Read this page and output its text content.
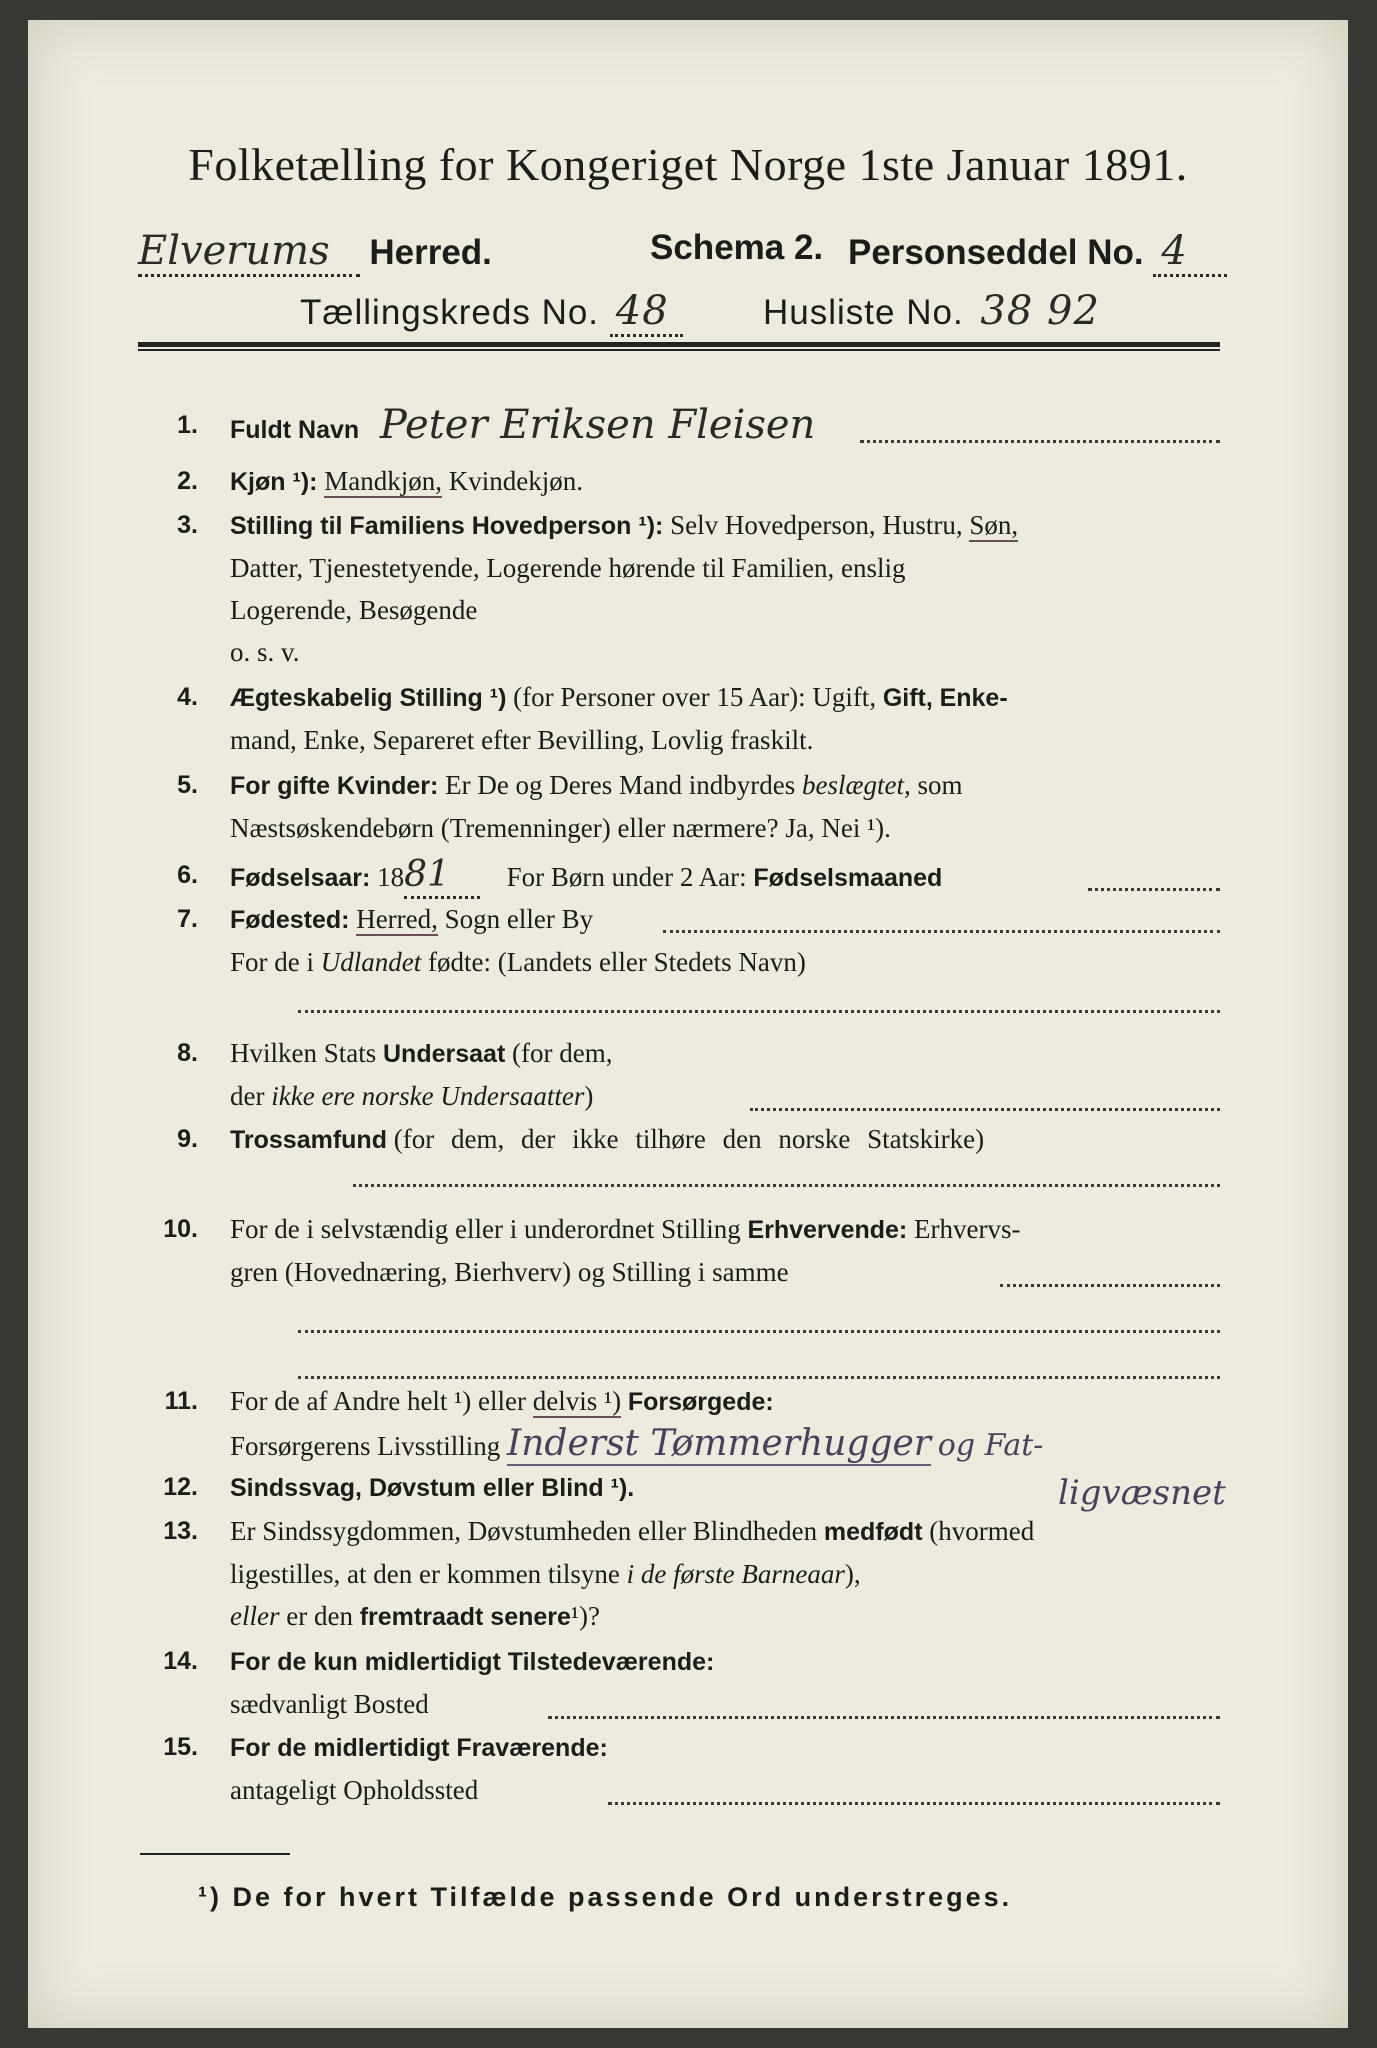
Folketælling for Kongeriget Norge 1ste Januar 1891.
Elverums Herred.	Schema 2. Personseddel No. 4
Tællingskreds No. 48	Husliste No. 38 92
1. Fuldt Navn Peter Eriksen Fleisen
2. Kjøn ¹): Mandkjøn, Kvindekjøn.
3. Stilling til Familiens Hovedperson ¹): Selv Hovedperson, Hustru, Søn,
Datter, Tjenestetyende, Logerende hørende til Familien, enslig
Logerende, Besøgende
o. s. v.
4. Ægteskabelig Stilling ¹) (for Personer over 15 Aar): Ugift, Gift, Enke-
mand, Enke, Separeret efter Bevilling, Lovlig fraskilt.
5. For gifte Kvinder: Er De og Deres Mand indbyrdes beslægtet, som
Næstsøskendebørn (Tremenninger) eller nærmere? Ja, Nei ¹).
6. Fødselsaar: 1881 For Børn under 2 Aar: Fødselsmaaned
7. Fødested: Herred, Sogn eller By
For de i Udlandet fødte: (Landets eller Stedets Navn)
8. Hvilken Stats Undersaat (for dem,
der ikke ere norske Undersaatter)
9. Trossamfund (for dem, der ikke tilhøre den norske Statskirke)
10. For de i selvstændig eller i underordnet Stilling Erhvervende: Erhvervs-
gren (Hovednæring, Bierhverv) og Stilling i samme
11. For de af Andre helt ¹) eller delvis ¹) Forsørgede:
Forsørgerens Livsstilling Inderst Tømmerhugger og Fat-
ligvæsnet
12. Sindssvag, Døvstum eller Blind ¹).
13. Er Sindssygdommen, Døvstumheden eller Blindheden medfødt (hvormed
ligestilles, at den er kommen tilsyne i de første Barneaar),
eller er den fremtraadt senere¹)?
14. For de kun midlertidigt Tilstedeværende:
sædvanligt Bosted
15. For de midlertidigt Fraværende:
antageligt Opholdssted
¹) De for hvert Tilfælde passende Ord understreges.
